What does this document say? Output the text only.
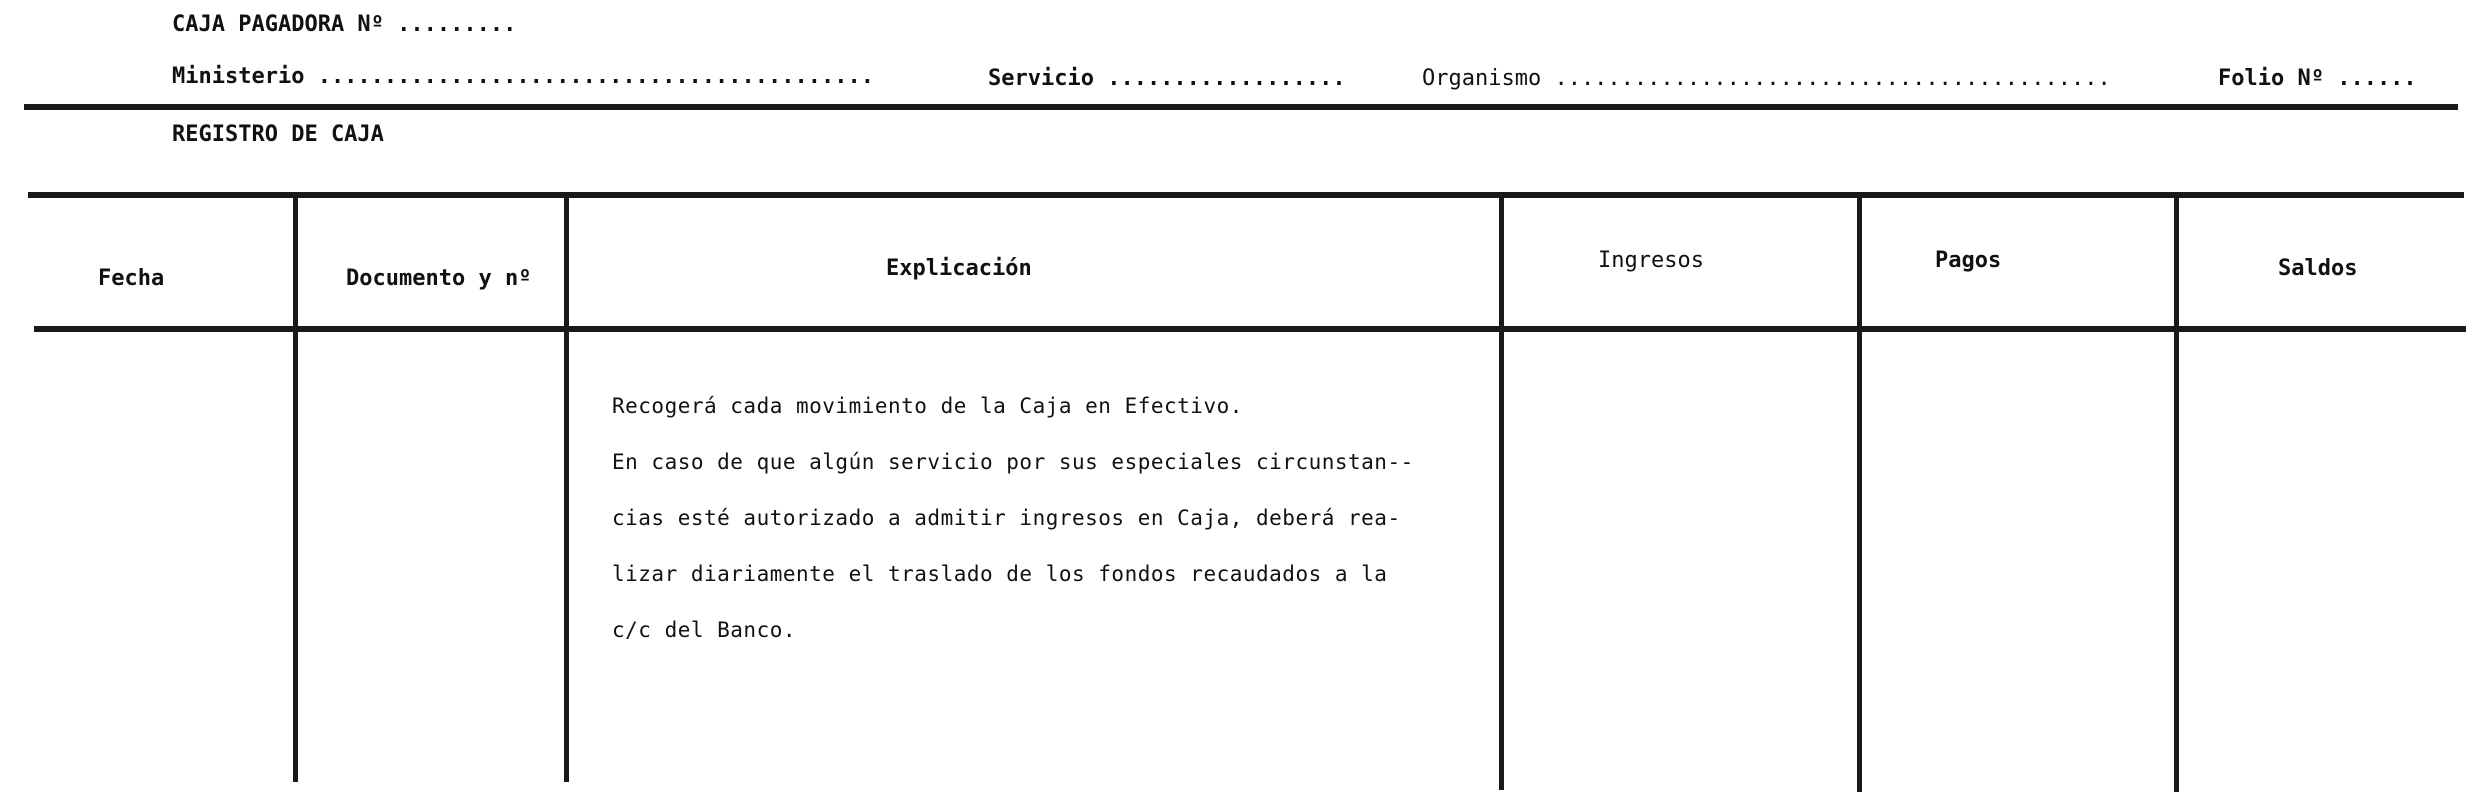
CAJA PAGADORA Nº .........
Ministerio ..........................................	Servicio ..................	Organismo ..........................................	Folio Nº ......
REGISTRO DE CAJA
Fecha	Documento y nº	Explicación	Ingresos	Pagos	Saldos
Recogerá cada movimiento de la Caja en Efectivo.
En caso de que algún servicio por sus especiales circunstan--
cias esté autorizado a admitir ingresos en Caja, deberá rea-
lizar diariamente el traslado de los fondos recaudados a la
c/c del Banco.
